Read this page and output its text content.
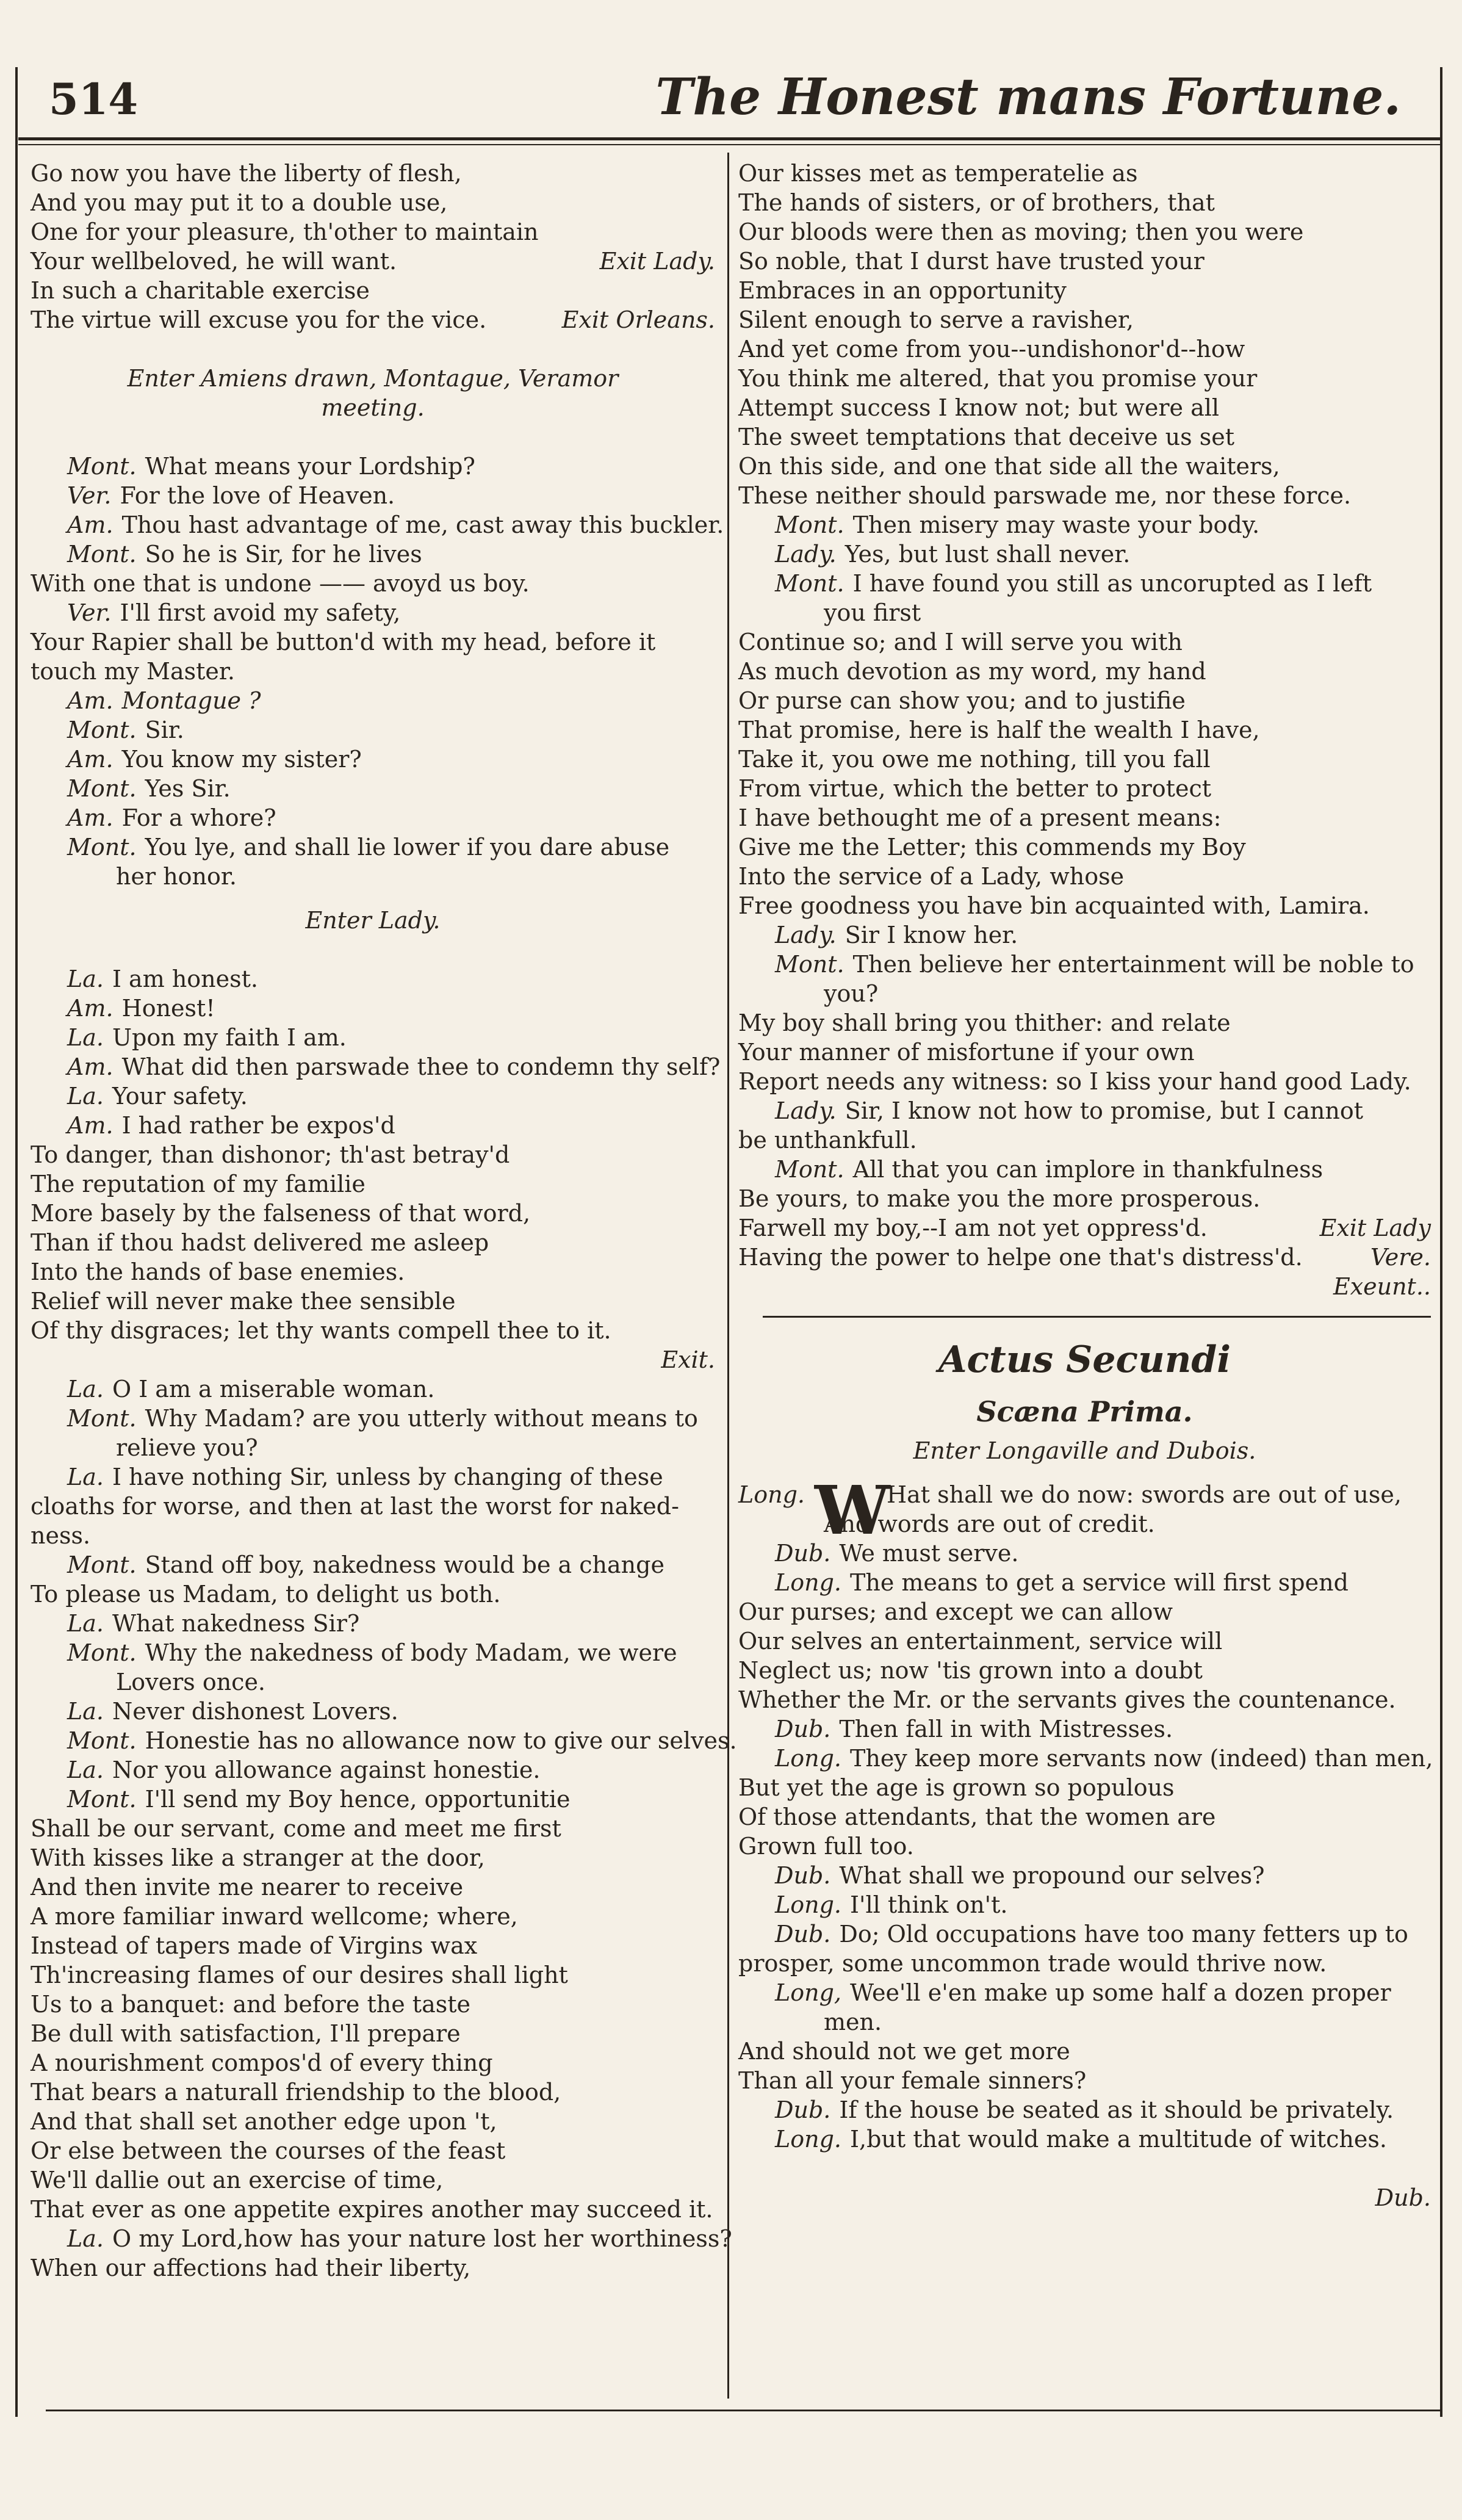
514	The Honest mans Fortune.
Go now you have the liberty of flesh,
And you may put it to a double use,
One for your pleasure, th'other to maintain
Your wellbeloved, he will want.	Exit Lady.
In such a charitable exercise
The virtue will excuse you for the vice.	Exit Orleans.
Enter Amiens drawn, Montague, Veramor
meeting.
Mont. What means your Lordship?
Ver. For the love of Heaven.
Am. Thou hast advantage of me, cast away this buckler.
Mont. So he is Sir, for he lives
With one that is undone —— avoyd us boy.
Ver. I'll first avoid my safety,
Your Rapier shall be button'd with my head, before it
touch my Master.
Am. Montague ?
Mont. Sir.
Am. You know my sister?
Mont. Yes Sir.
Am. For a whore?
Mont. You lye, and shall lie lower if you dare abuse
her honor.
Enter Lady.
La. I am honest.
Am. Honest!
La. Upon my faith I am.
Am. What did then parswade thee to condemn thy self?
La. Your safety.
Am. I had rather be expos'd
To danger, than dishonor; th'ast betray'd
The reputation of my familie
More basely by the falseness of that word,
Than if thou hadst delivered me asleep
Into the hands of base enemies.
Relief will never make thee sensible
Of thy disgraces; let thy wants compell thee to it.
Exit.
La. O I am a miserable woman.
Mont. Why Madam? are you utterly without means to
relieve you?
La. I have nothing Sir, unless by changing of these
cloaths for worse, and then at last the worst for naked-
ness.
Mont. Stand off boy, nakedness would be a change
To please us Madam, to delight us both.
La. What nakedness Sir?
Mont. Why the nakedness of body Madam, we were
Lovers once.
La. Never dishonest Lovers.
Mont. Honestie has no allowance now to give our selves.
La. Nor you allowance against honestie.
Mont. I'll send my Boy hence, opportunitie
Shall be our servant, come and meet me first
With kisses like a stranger at the door,
And then invite me nearer to receive
A more familiar inward wellcome; where,
Instead of tapers made of Virgins wax
Th'increasing flames of our desires shall light
Us to a banquet: and before the taste
Be dull with satisfaction, I'll prepare
A nourishment compos'd of every thing
That bears a naturall friendship to the blood,
And that shall set another edge upon 't,
Or else between the courses of the feast
We'll dallie out an exercise of time,
That ever as one appetite expires another may succeed it.
La. O my Lord,how has your nature lost her worthiness?
When our affections had their liberty,
Our kisses met as temperatelie as
The hands of sisters, or of brothers, that
Our bloods were then as moving; then you were
So noble, that I durst have trusted your
Embraces in an opportunity
Silent enough to serve a ravisher,
And yet come from you--undishonor'd--how
You think me altered, that you promise your
Attempt success I know not; but were all
The sweet temptations that deceive us set
On this side, and one that side all the waiters,
These neither should parswade me, nor these force.
Mont. Then misery may waste your body.
Lady. Yes, but lust shall never.
Mont. I have found you still as uncorupted as I left
you first
Continue so; and I will serve you with
As much devotion as my word, my hand
Or purse can show you; and to justifie
That promise, here is half the wealth I have,
Take it, you owe me nothing, till you fall
From virtue, which the better to protect
I have bethought me of a present means:
Give me the Letter; this commends my Boy
Into the service of a Lady, whose
Free goodness you have bin acquainted with, Lamira.
Lady. Sir I know her.
Mont. Then believe her entertainment will be noble to
you?
My boy shall bring you thither: and relate
Your manner of misfortune if your own
Report needs any witness: so I kiss your hand good Lady.
Lady. Sir, I know not how to promise, but I cannot
be unthankfull.
Mont. All that you can implore in thankfulness
Be yours, to make you the more prosperous.
Farwell my boy,--I am not yet oppress'd.	Exit Lady
Having the power to helpe one that's distress'd.	Vere.
Exeunt..
Actus Secundi
Scæna Prima.
Enter Longaville and Dubois.
Long. W
Hat shall we do now: swords are out of use,
And words are out of credit.
Dub. We must serve.
Long. The means to get a service will first spend
Our purses; and except we can allow
Our selves an entertainment, service will
Neglect us; now 'tis grown into a doubt
Whether the Mr. or the servants gives the countenance.
Dub. Then fall in with Mistresses.
Long. They keep more servants now (indeed) than men,
But yet the age is grown so populous
Of those attendants, that the women are
Grown full too.
Dub. What shall we propound our selves?
Long. I'll think on't.
Dub. Do; Old occupations have too many fetters up to
prosper, some uncommon trade would thrive now.
Long, Wee'll e'en make up some half a dozen proper
men.
And should not we get more
Than all your female sinners?
Dub. If the house be seated as it should be privately.
Long. I,but that would make a multitude of witches.
Dub.
